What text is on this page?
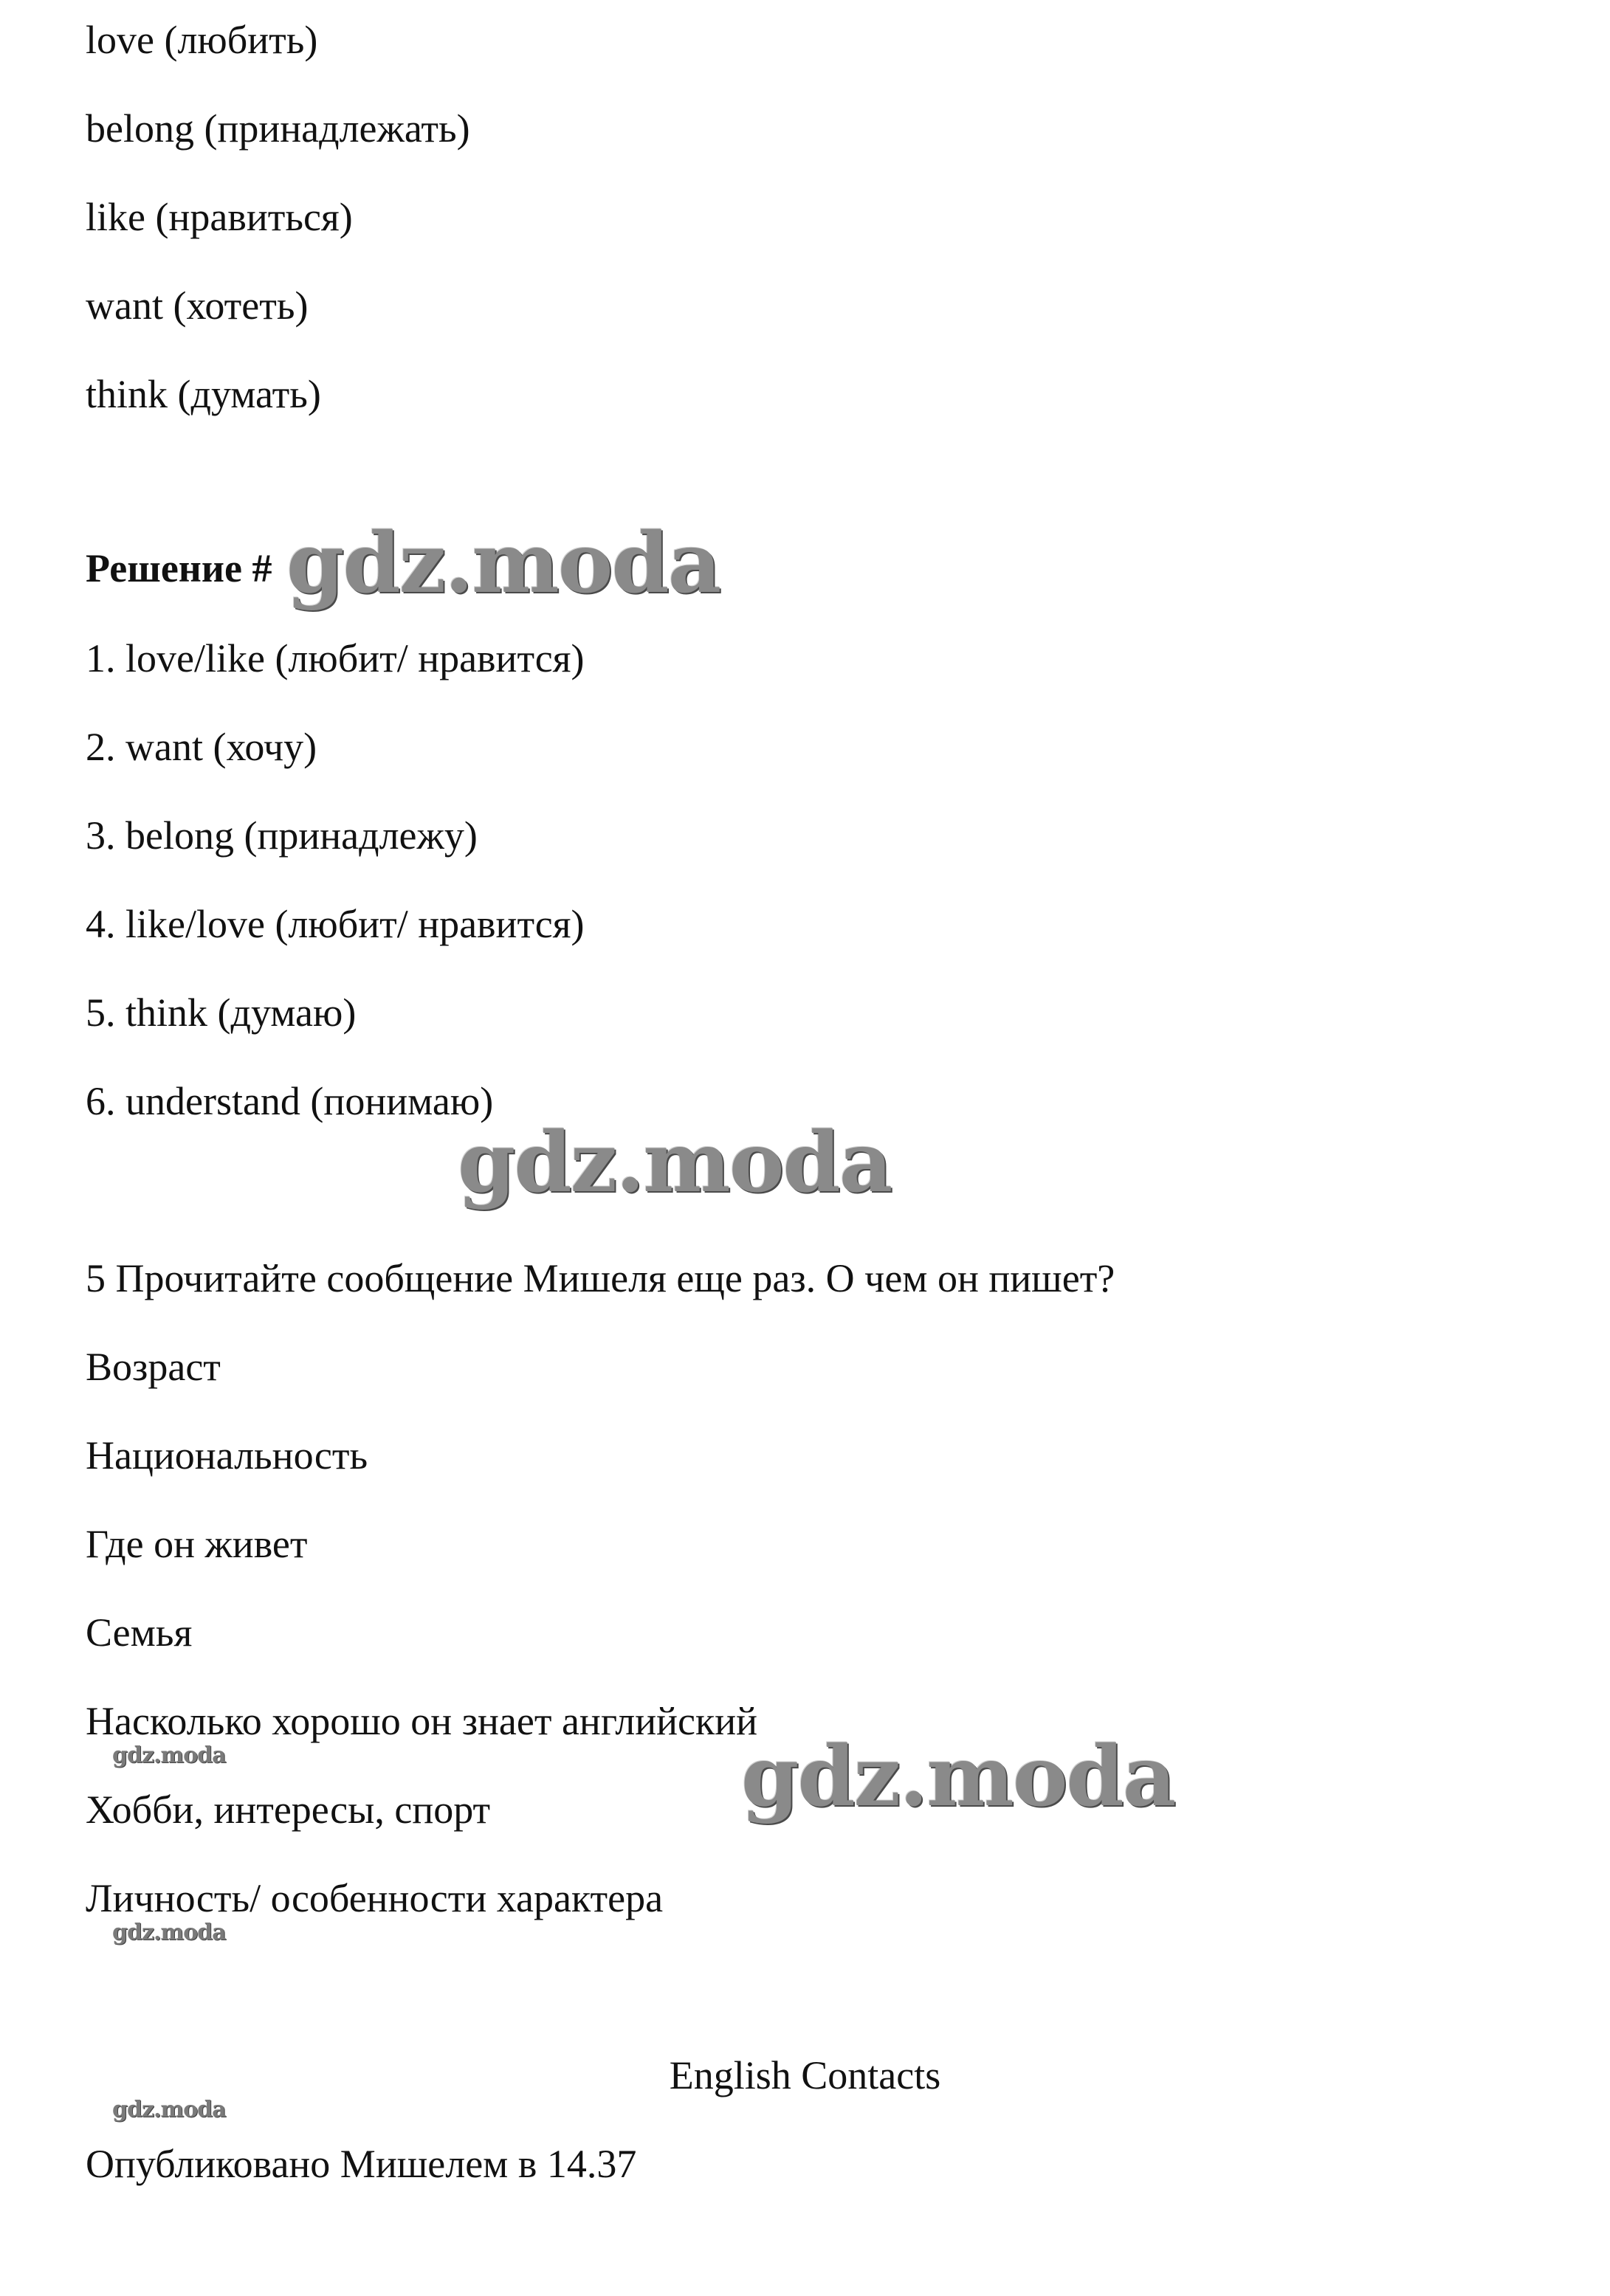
love (любить)
belong (принадлежать)
like (нравиться)
want (хотеть)
think (думать)
Решение # gdz.moda
1. love/like (любит/ нравится)
2. want (хочу)
3. belong (принадлежу)
4. like/love (любит/ нравится)
5. think (думаю)
6. understand (понимаю)
gdz.moda
5 Прочитайте сообщение Мишеля еще раз. О чем он пишет?
Возраст
Национальность
Где он живет
Семья
Насколько хорошо он знает английский
gdz.moda
Хобби, интересы, спорт	gdz.moda
Личность/ особенности характера
gdz.moda
English Contacts
gdz.moda
Опубликовано Мишелем в 14.37
